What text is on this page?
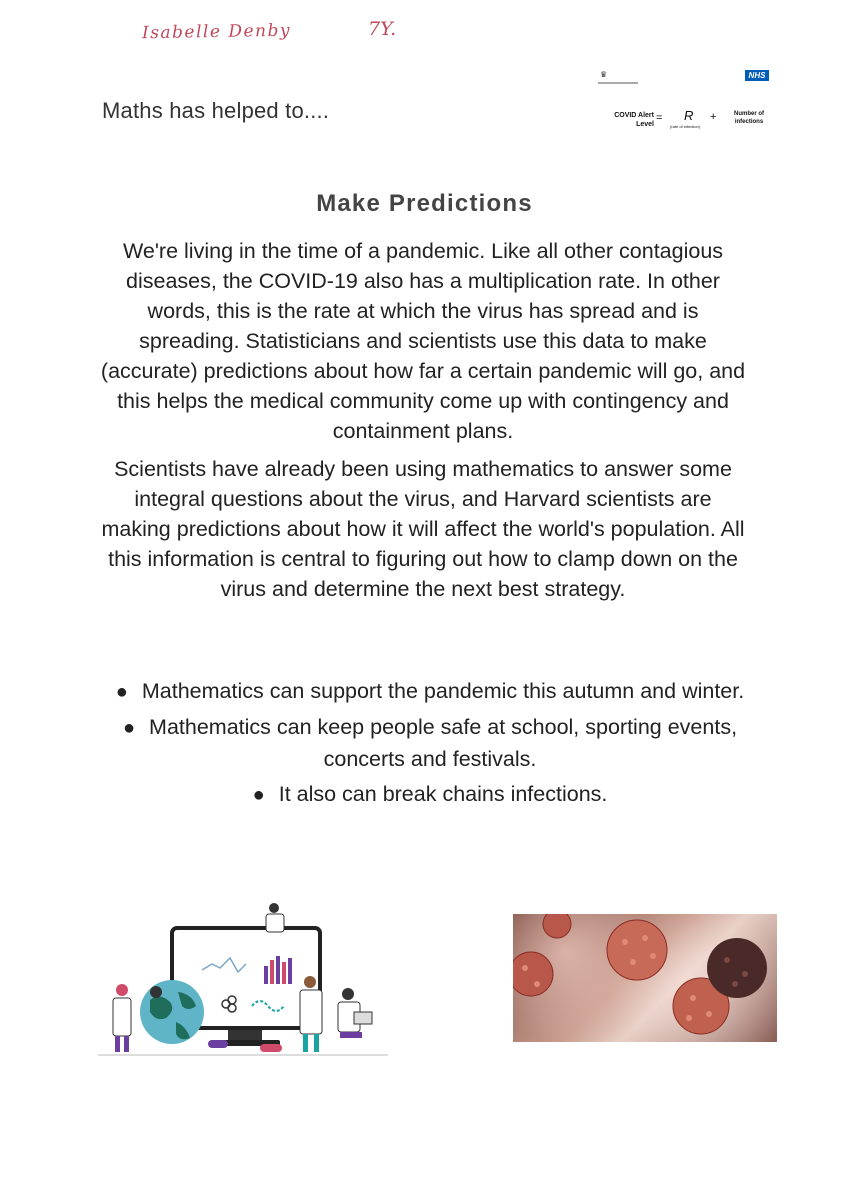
Isabelle Denby	7Y.
Maths has helped to....
♛	NHS
COVID Alert Level
= R
(rate of infection)
+	Number of infections
Make Predictions
We're living in the time of a pandemic. Like all other contagious diseases, the COVID-19 also has a multiplication rate. In other words, this is the rate at which the virus has spread and is spreading. Statisticians and scientists use this data to make (accurate) predictions about how far a certain pandemic will go, and this helps the medical community come up with contingency and containment plans.
Scientists have already been using mathematics to answer some integral questions about the virus, and Harvard scientists are making predictions about how it will affect the world's population. All this information is central to figuring out how to clamp down on the virus and determine the next best strategy.
● Mathematics can support the pandemic this autumn and winter.
● Mathematics can keep people safe at school, sporting events, concerts and festivals.
● It also can break chains infections.
